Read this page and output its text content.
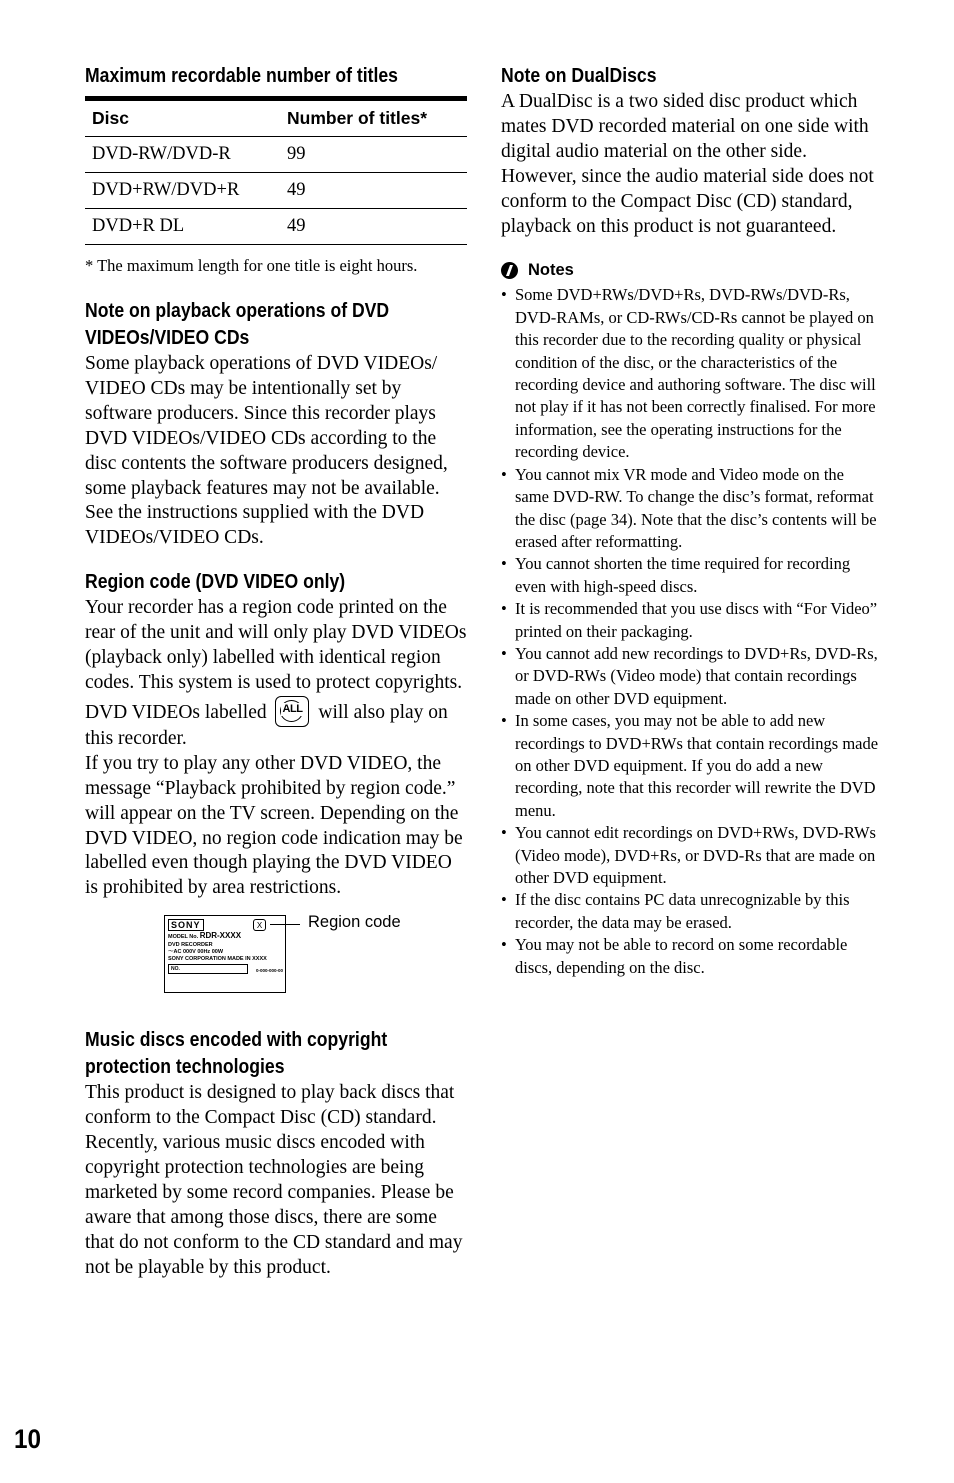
Maximum recordable number of titles
Disc	Number of titles*
DVD-RW/DVD-R	99
DVD+RW/DVD+R	49
DVD+R DL	49

* The maximum length for one title is eight hours.

Note on playback operations of DVD
VIDEOs/VIDEO CDs

Some playback operations of DVD VIDEOs/ VIDEO CDs may be intentionally set by software producers. Since this recorder plays DVD VIDEOs/VIDEO CDs according to the disc contents the software producers designed, some playback features may not be available. See the instructions supplied with the DVD VIDEOs/VIDEO CDs.

Region code (DVD VIDEO only)

Your recorder has a region code printed on the rear of the unit and will only play DVD VIDEOs (playback only) labelled with identical region codes. This system is used to protect copyrights.

DVD VIDEOs labelled ALL will also play on this recorder.

If you try to play any other DVD VIDEO, the message “Playback prohibited by region code.” will appear on the TV screen. Depending on the DVD VIDEO, no region code indication may be labelled even though playing the DVD VIDEO is prohibited by area restrictions.

SONY
MODEL No. RDR-XXXX
DVD RECORDER
～AC 000V 00Hz 00W
SONY CORPORATION MADE IN XXXX
NO.	0-000-000-00
X	Region code
Music discs encoded with copyright
protection technologies

This product is designed to play back discs that conform to the Compact Disc (CD) standard.

Recently, various music discs encoded with copyright protection technologies are being marketed by some record companies. Please be aware that among those discs, there are some that do not conform to the CD standard and may not be playable by this product.

Note on DualDiscs

A DualDisc is a two sided disc product which mates DVD recorded material on one side with digital audio material on the other side. However, since the audio material side does not conform to the Compact Disc (CD) standard, playback on this product is not guaranteed.

Notes
• Some DVD+RWs/DVD+Rs, DVD-RWs/DVD-Rs, DVD-RAMs, or CD-RWs/CD-Rs cannot be played on this recorder due to the recording quality or physical condition of the disc, or the characteristics of the recording device and authoring software. The disc will not play if it has not been correctly finalised. For more information, see the operating instructions for the recording device.
• You cannot mix VR mode and Video mode on the same DVD-RW. To change the disc’s format, reformat the disc (page 34). Note that the disc’s contents will be erased after reformatting.
• You cannot shorten the time required for recording even with high-speed discs.
• It is recommended that you use discs with “For Video” printed on their packaging.
• You cannot add new recordings to DVD+Rs, DVD-Rs, or DVD-RWs (Video mode) that contain recordings made on other DVD equipment.
• In some cases, you may not be able to add new recordings to DVD+RWs that contain recordings made on other DVD equipment. If you do add a new recording, note that this recorder will rewrite the DVD menu.
• You cannot edit recordings on DVD+RWs, DVD-RWs (Video mode), DVD+Rs, or DVD-Rs that are made on other DVD equipment.
• If the disc contains PC data unrecognizable by this recorder, the data may be erased.
• You may not be able to record on some recordable discs, depending on the disc.
10
